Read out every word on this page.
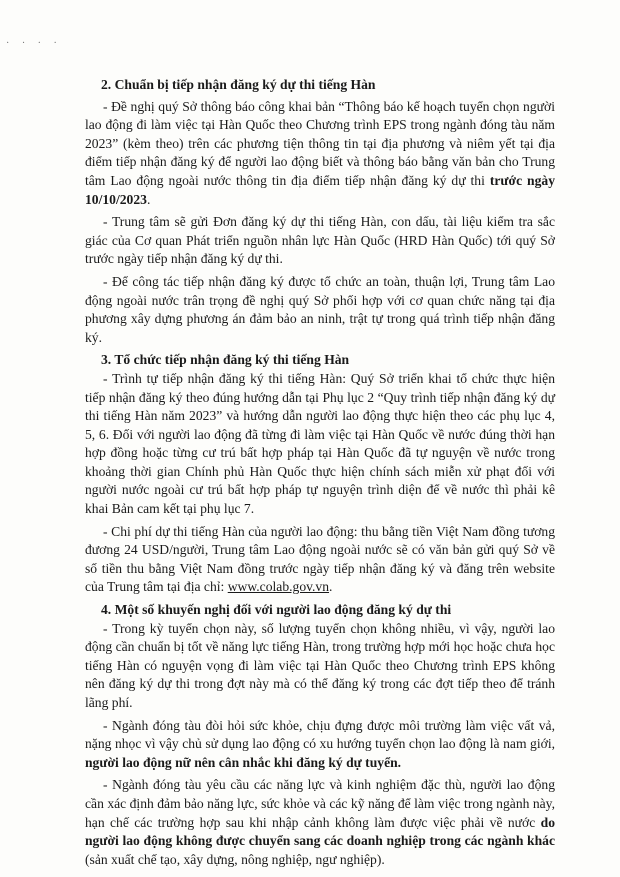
· · · ·
2. Chuẩn bị tiếp nhận đăng ký dự thi tiếng Hàn
- Đề nghị quý Sở thông báo công khai bản “Thông báo kế hoạch tuyển chọn người lao động đi làm việc tại Hàn Quốc theo Chương trình EPS trong ngành đóng tàu năm 2023” (kèm theo) trên các phương tiện thông tin tại địa phương và niêm yết tại địa điểm tiếp nhận đăng ký để người lao động biết và thông báo bằng văn bản cho Trung tâm Lao động ngoài nước thông tin địa điểm tiếp nhận đăng ký dự thi trước ngày 10/10/2023.
- Trung tâm sẽ gửi Đơn đăng ký dự thi tiếng Hàn, con dấu, tài liệu kiểm tra sắc giác của Cơ quan Phát triển nguồn nhân lực Hàn Quốc (HRD Hàn Quốc) tới quý Sở trước ngày tiếp nhận đăng ký dự thi.
- Để công tác tiếp nhận đăng ký được tổ chức an toàn, thuận lợi, Trung tâm Lao động ngoài nước trân trọng đề nghị quý Sở phối hợp với cơ quan chức năng tại địa phương xây dựng phương án đảm bảo an ninh, trật tự trong quá trình tiếp nhận đăng ký.
3. Tổ chức tiếp nhận đăng ký thi tiếng Hàn
- Trình tự tiếp nhận đăng ký thi tiếng Hàn: Quý Sở triển khai tổ chức thực hiện tiếp nhận đăng ký theo đúng hướng dẫn tại Phụ lục 2 “Quy trình tiếp nhận đăng ký dự thi tiếng Hàn năm 2023” và hướng dẫn người lao động thực hiện theo các phụ lục 4, 5, 6. Đối với người lao động đã từng đi làm việc tại Hàn Quốc về nước đúng thời hạn hợp đồng hoặc từng cư trú bất hợp pháp tại Hàn Quốc đã tự nguyện về nước trong khoảng thời gian Chính phủ Hàn Quốc thực hiện chính sách miễn xử phạt đối với người nước ngoài cư trú bất hợp pháp tự nguyện trình diện để về nước thì phải kê khai Bản cam kết tại phụ lục 7.
- Chi phí dự thi tiếng Hàn của người lao động: thu bằng tiền Việt Nam đồng tương đương 24 USD/người, Trung tâm Lao động ngoài nước sẽ có văn bản gửi quý Sở về số tiền thu bằng Việt Nam đồng trước ngày tiếp nhận đăng ký và đăng trên website của Trung tâm tại địa chỉ: www.colab.gov.vn.
4. Một số khuyến nghị đối với người lao động đăng ký dự thi
- Trong kỳ tuyển chọn này, số lượng tuyển chọn không nhiều, vì vậy, người lao động cần chuẩn bị tốt về năng lực tiếng Hàn, trong trường hợp mới học hoặc chưa học tiếng Hàn có nguyện vọng đi làm việc tại Hàn Quốc theo Chương trình EPS không nên đăng ký dự thi trong đợt này mà có thể đăng ký trong các đợt tiếp theo để tránh lãng phí.
- Ngành đóng tàu đòi hỏi sức khỏe, chịu đựng được môi trường làm việc vất vả, nặng nhọc vì vậy chủ sử dụng lao động có xu hướng tuyển chọn lao động là nam giới, người lao động nữ nên cân nhắc khi đăng ký dự tuyển.
- Ngành đóng tàu yêu cầu các năng lực và kinh nghiệm đặc thù, người lao động cần xác định đảm bảo năng lực, sức khỏe và các kỹ năng để làm việc trong ngành này, hạn chế các trường hợp sau khi nhập cảnh không làm được việc phải về nước do người lao động không được chuyển sang các doanh nghiệp trong các ngành khác (sản xuất chế tạo, xây dựng, nông nghiệp, ngư nghiệp).
